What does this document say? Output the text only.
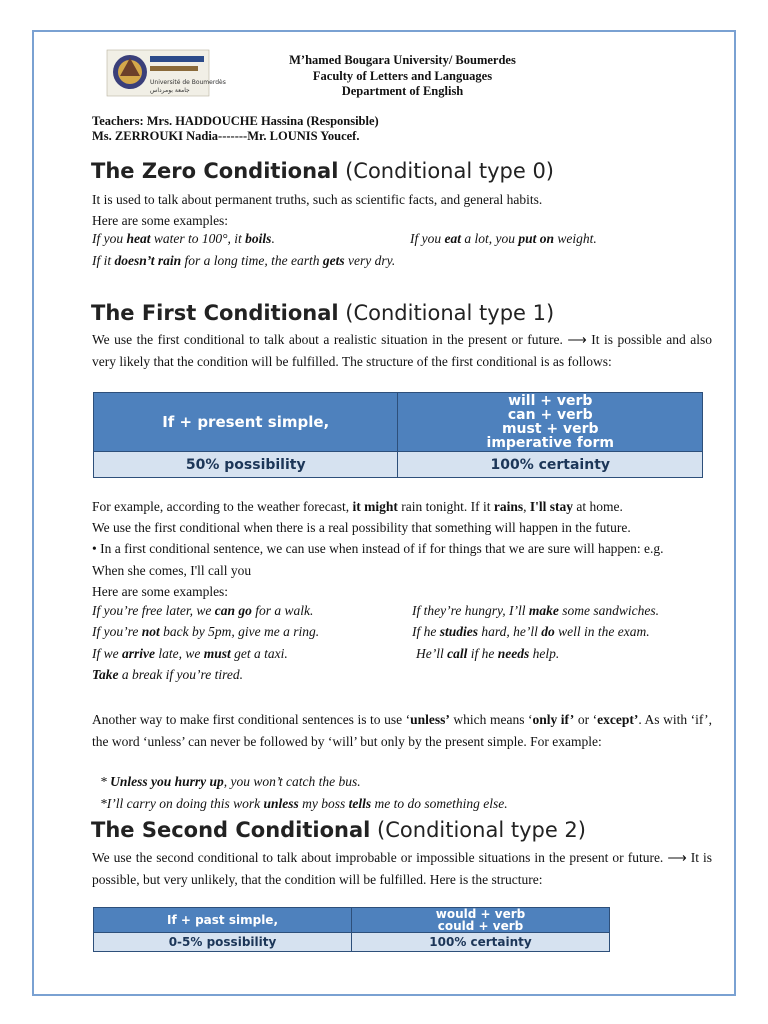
Université de Boumerdès
جامعة بومرداس
M’hamed Bougara University/ Boumerdes
Faculty of Letters and Languages
Department of English
Teachers: Mrs. HADDOUCHE Hassina (Responsible)
Ms. ZERROUKI Nadia-------Mr. LOUNIS Youcef.
The Zero Conditional (Conditional type 0)
It is used to talk about permanent truths, such as scientific facts, and general habits.
Here are some examples:
If you heat water to 100°, it boils.	If you eat a lot, you put on weight.
If it doesn’t rain for a long time, the earth gets very dry.
The First Conditional (Conditional type 1)
We use the first conditional to talk about a realistic situation in the present or future. ⟶ It is possible and also very likely that the condition will be fulfilled. The structure of the first conditional is as follows:
If + present simple,	will + verb
can + verb
must + verb
imperative form

50% possibility	100% certainty
For example, according to the weather forecast, it might rain tonight. If it rains, I'll stay at home.
We use the first conditional when there is a real possibility that something will happen in the future.
• In a first conditional sentence, we can use when instead of if for things that we are sure will happen: e.g. When she comes, I'll call you
Here are some examples:
If you’re free later, we can go for a walk.	If they’re hungry, I’ll make some sandwiches.
If you’re not back by 5pm, give me a ring.	If he studies hard, he’ll do well in the exam.
If we arrive late, we must get a taxi.	He’ll call if he needs help.
Take a break if you’re tired.
Another way to make first conditional sentences is to use ‘unless’ which means ‘only if’ or ‘except’. As with ‘if’, the word ‘unless’ can never be followed by ‘will’ but only by the present simple. For example:
* Unless you hurry up, you won’t catch the bus.
*I’ll carry on doing this work unless my boss tells me to do something else.
The Second Conditional (Conditional type 2)
We use the second conditional to talk about improbable or impossible situations in the present or future. ⟶ It is possible, but very unlikely, that the condition will be fulfilled. Here is the structure:
If + past simple,	would + verb
could + verb

0-5% possibility	100% certainty
